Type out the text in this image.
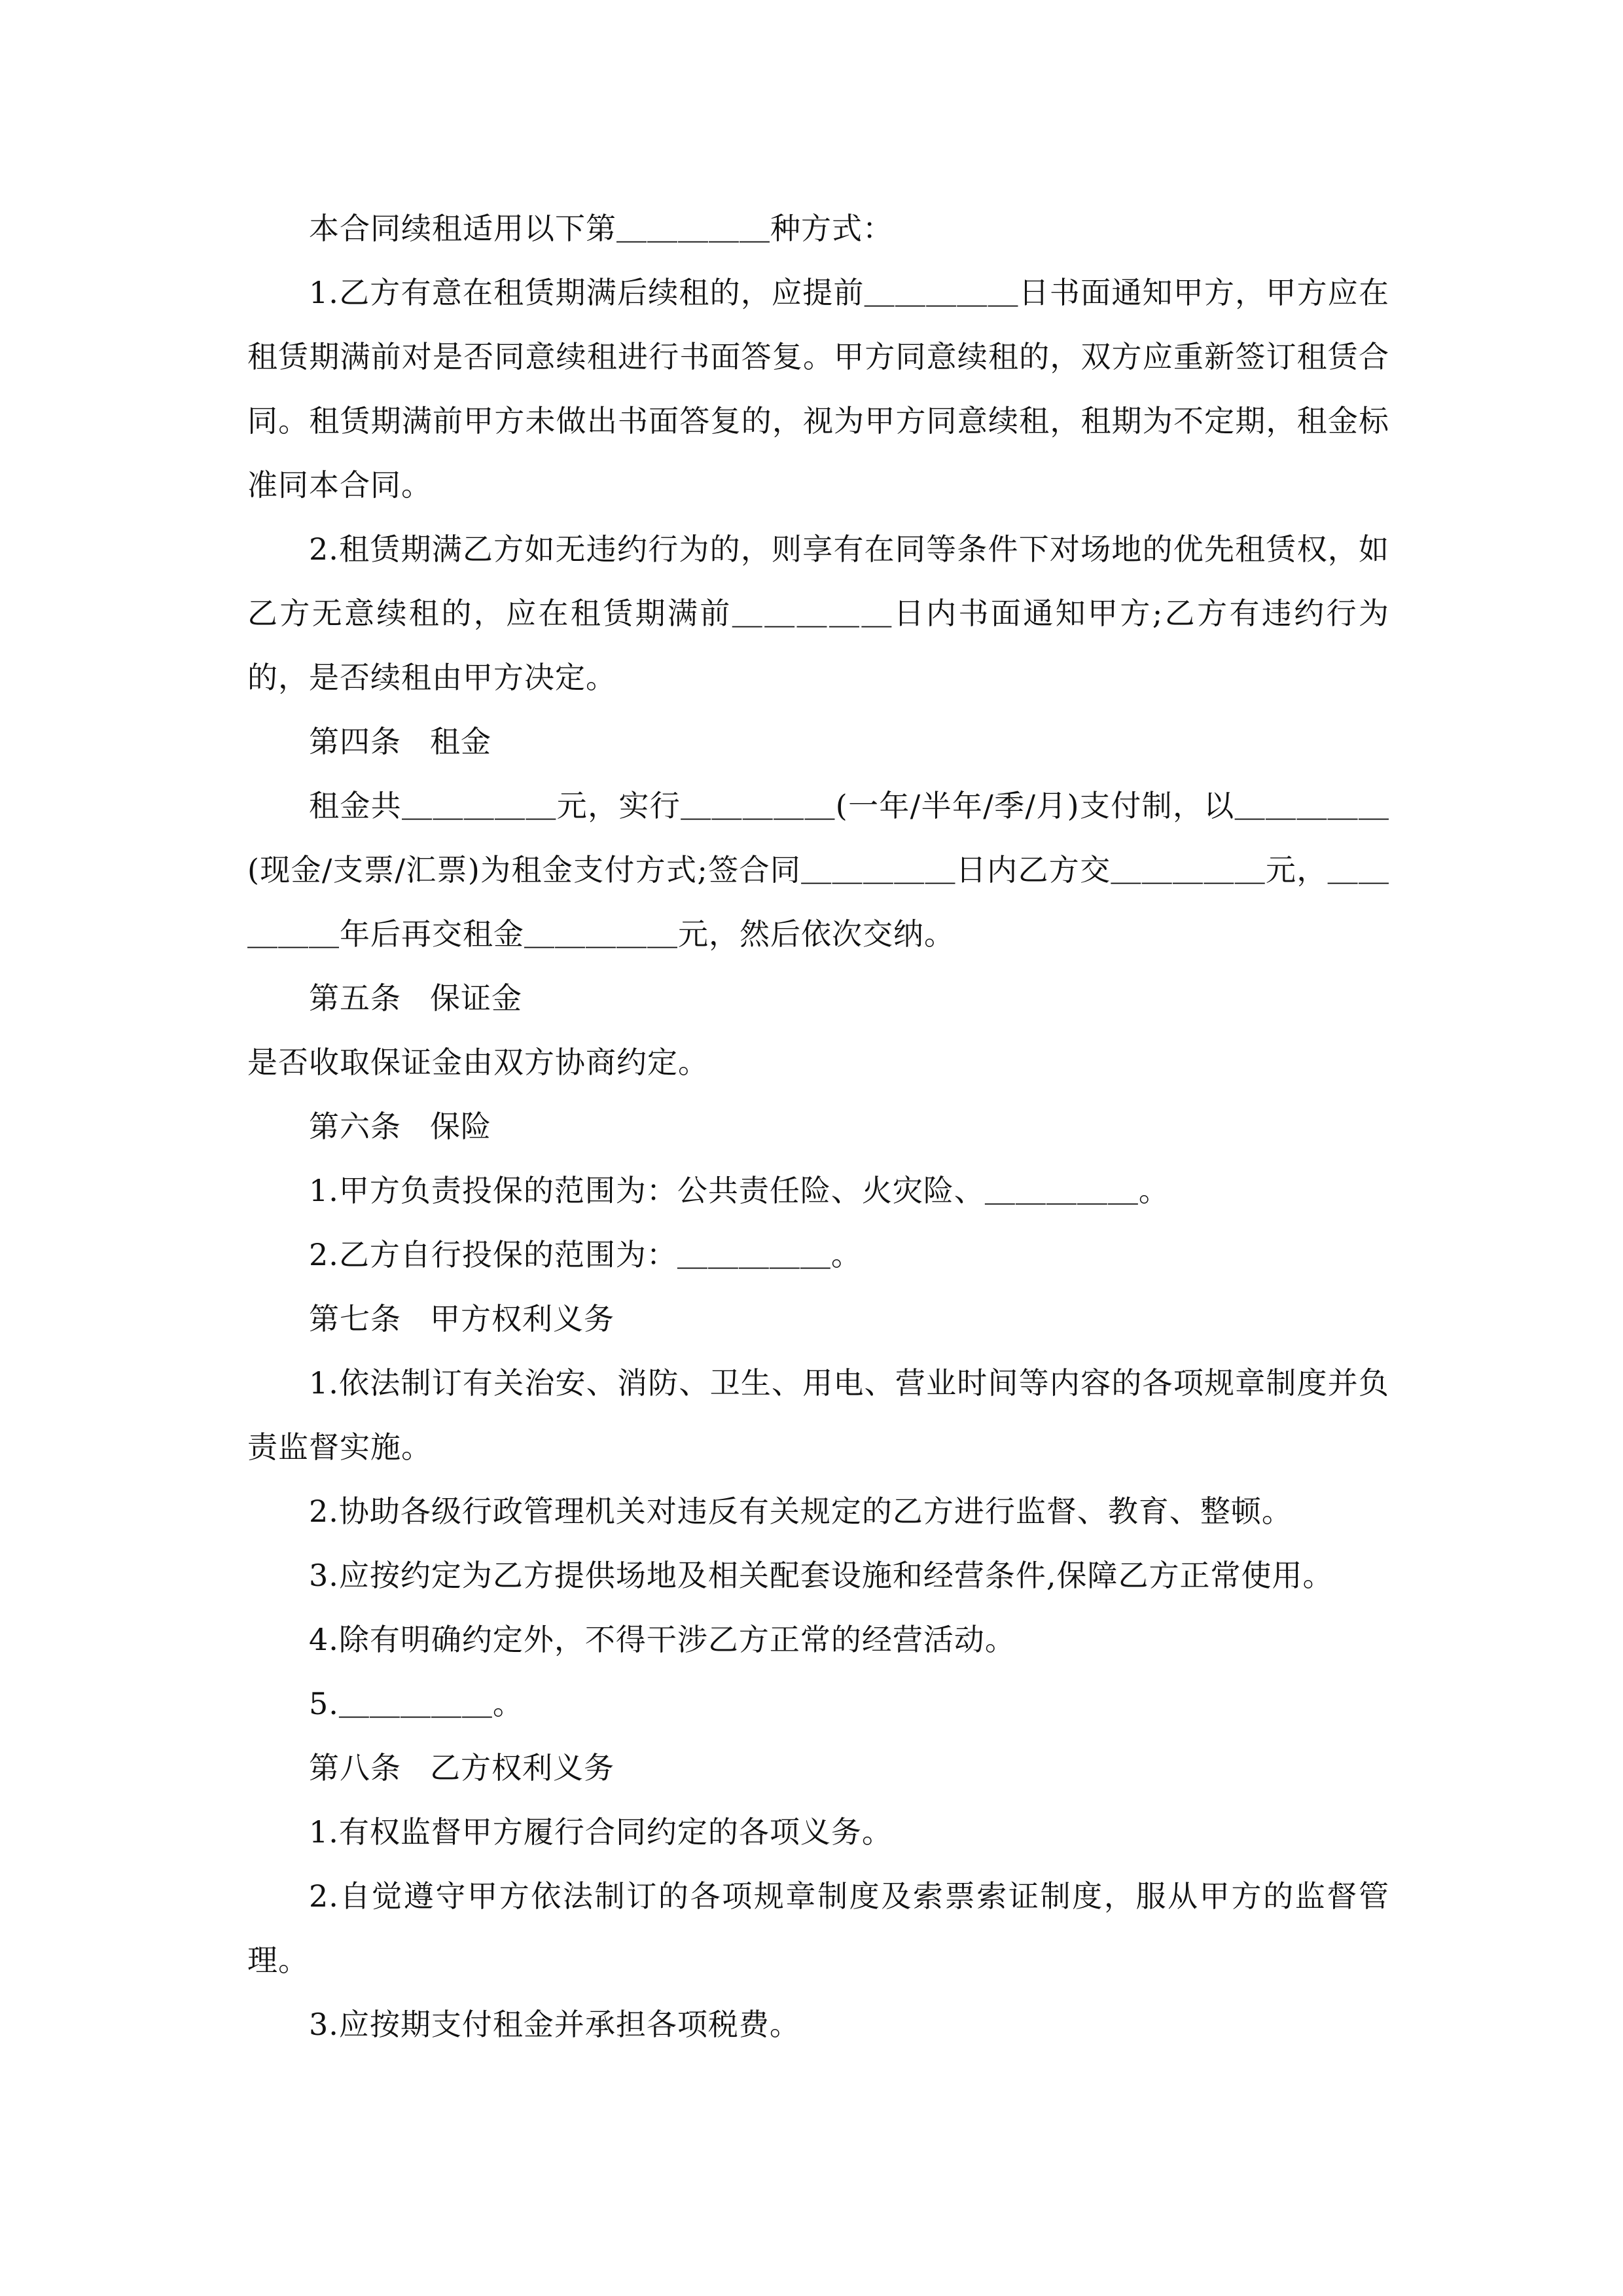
本合同续租适用以下第＿＿＿＿＿种方式：

1.乙方有意在租赁期满后续租的，应提前＿＿＿＿＿日书面通知甲方，甲方应在租赁期满前对是否同意续租进行书面答复。甲方同意续租的，双方应重新签订租赁合同。租赁期满前甲方未做出书面答复的，视为甲方同意续租，租期为不定期，租金标准同本合同。

2.租赁期满乙方如无违约行为的，则享有在同等条件下对场地的优先租赁权，如乙方无意续租的，应在租赁期满前＿＿＿＿＿日内书面通知甲方;乙方有违约行为的，是否续租由甲方决定。

第四条 租金

租金共＿＿＿＿＿元，实行＿＿＿＿＿(一年/半年/季/月)支付制，以＿＿＿＿＿(现金/支票/汇票)为租金支付方式;签合同＿＿＿＿＿日内乙方交＿＿＿＿＿元，＿＿＿＿＿年后再交租金＿＿＿＿＿元，然后依次交纳。

第五条 保证金

是否收取保证金由双方协商约定。

第六条 保险

1.甲方负责投保的范围为：公共责任险、火灾险、＿＿＿＿＿。

2.乙方自行投保的范围为：＿＿＿＿＿。

第七条 甲方权利义务

1.依法制订有关治安、消防、卫生、用电、营业时间等内容的各项规章制度并负责监督实施。

2.协助各级行政管理机关对违反有关规定的乙方进行监督、教育、整顿。

3.应按约定为乙方提供场地及相关配套设施和经营条件,保障乙方正常使用。

4.除有明确约定外，不得干涉乙方正常的经营活动。

5.＿＿＿＿＿。

第八条 乙方权利义务

1.有权监督甲方履行合同约定的各项义务。

2.自觉遵守甲方依法制订的各项规章制度及索票索证制度，服从甲方的监督管理。

3.应按期支付租金并承担各项税费。
